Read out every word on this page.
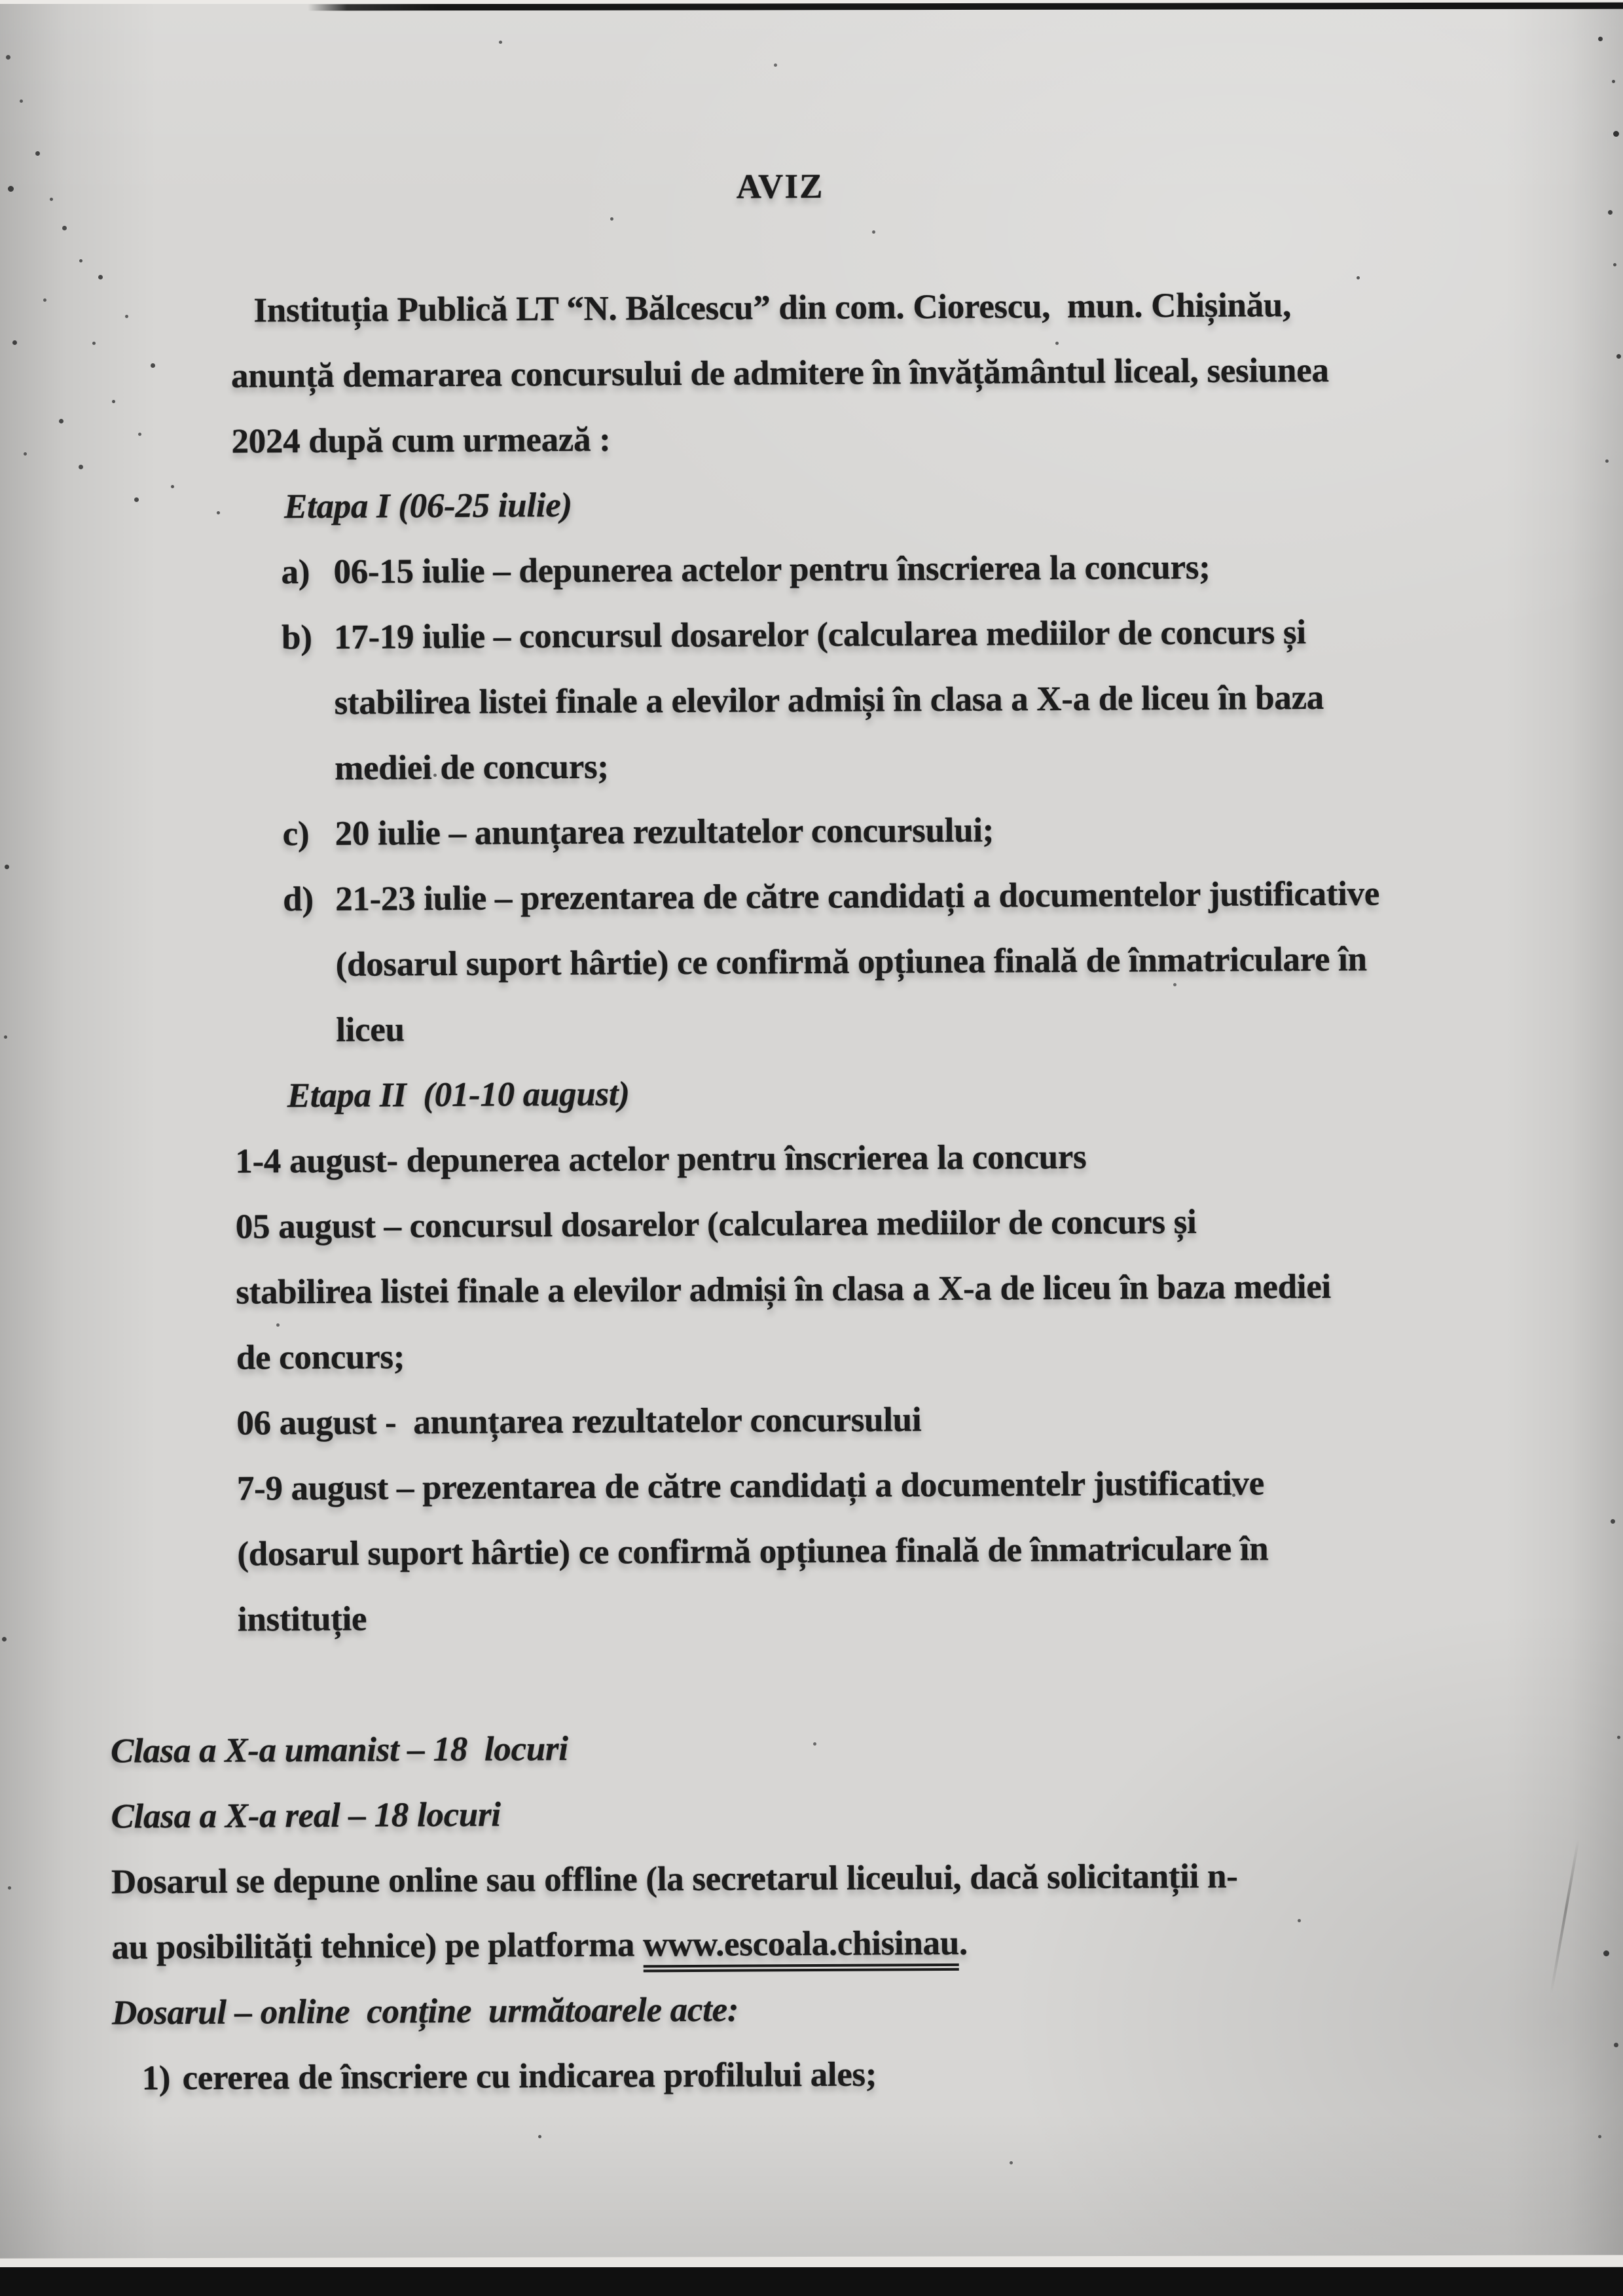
AVIZ
Instituția Publică LT “N. Bălcescu” din com. Ciorescu,  mun. Chișinău,
anunță demararea concursului de admitere în învățământul liceal, sesiunea
2024 după cum urmează :
Etapa I (06-25 iulie)
a) 06-15 iulie – depunerea actelor pentru înscrierea la concurs;
b) 17-19 iulie – concursul dosarelor (calcularea mediilor de concurs și
stabilirea listei finale a elevilor admiși în clasa a X-a de liceu în baza
mediei de concurs;
c) 20 iulie – anunțarea rezultatelor concursului;
d) 21-23 iulie – prezentarea de către candidați a documentelor justificative
(dosarul suport hârtie) ce confirmă opțiunea finală de înmatriculare în
liceu
Etapa II  (01-10 august)
1-4 august- depunerea actelor pentru înscrierea la concurs
05 august – concursul dosarelor (calcularea mediilor de concurs și
stabilirea listei finale a elevilor admiși în clasa a X-a de liceu în baza mediei
de concurs;
06 august -  anunțarea rezultatelor concursului
7-9 august – prezentarea de către candidați a documentelr justificative
(dosarul suport hârtie) ce confirmă opțiunea finală de înmatriculare în
instituție
Clasa a X-a umanist – 18  locuri
Clasa a X-a real – 18 locuri
Dosarul se depune online sau offline (la secretarul liceului, dacă solicitanții n-
au posibilități tehnice) pe platforma www.escoala.chisinau.
Dosarul – online  conține  următoarele acte:
1) cererea de înscriere cu indicarea profilului ales;
